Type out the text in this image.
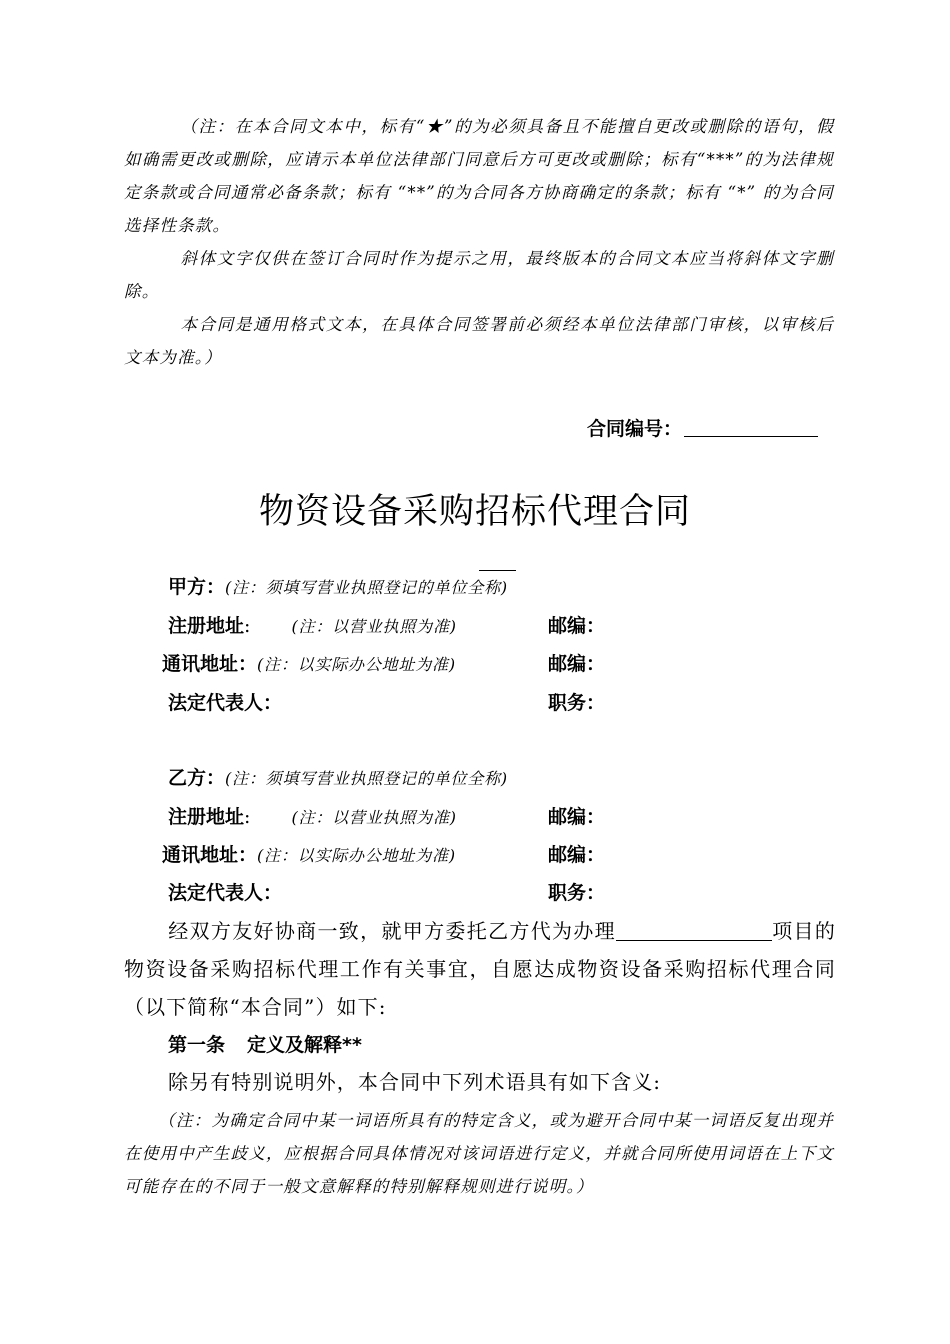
（注：在本合同文本中，标有“★”的为必须具备且不能擅自更改或删除的语句，假如确需更改或删除，应请示本单位法律部门同意后方可更改或删除；标有“***”的为法律规定条款或合同通常必备条款；标有 “**”的为合同各方协商确定的条款；标有 “*” 的为合同选择性条款。
斜体文字仅供在签订合同时作为提示之用，最终版本的合同文本应当将斜体文字删除。
本合同是通用格式文本，在具体合同签署前必须经本单位法律部门审核，以审核后文本为准。）
合同编号：
物资设备采购招标代理合同
甲方：(注：须填写营业执照登记的单位全称)
注册地址:	(注：以营业执照为准)	邮编：
通讯地址：(注：以实际办公地址为准)	邮编：
法定代表人：	职务：
乙方：(注：须填写营业执照登记的单位全称)
注册地址:	(注：以营业执照为准)	邮编：
通讯地址：(注：以实际办公地址为准)	邮编：
法定代表人：	职务：
经双方友好协商一致，就甲方委托乙方代为办理	项目的物资设备采购招标代理工作有关事宜，自愿达成物资设备采购招标代理合同（以下简称“本合同”）如下:
第一条 定义及解释**
除另有特别说明外，本合同中下列术语具有如下含义:
（注：为确定合同中某一词语所具有的特定含义，或为避开合同中某一词语反复出现并在使用中产生歧义，应根据合同具体情况对该词语进行定义，并就合同所使用词语在上下文可能存在的不同于一般文意解释的特别解释规则进行说明。）
